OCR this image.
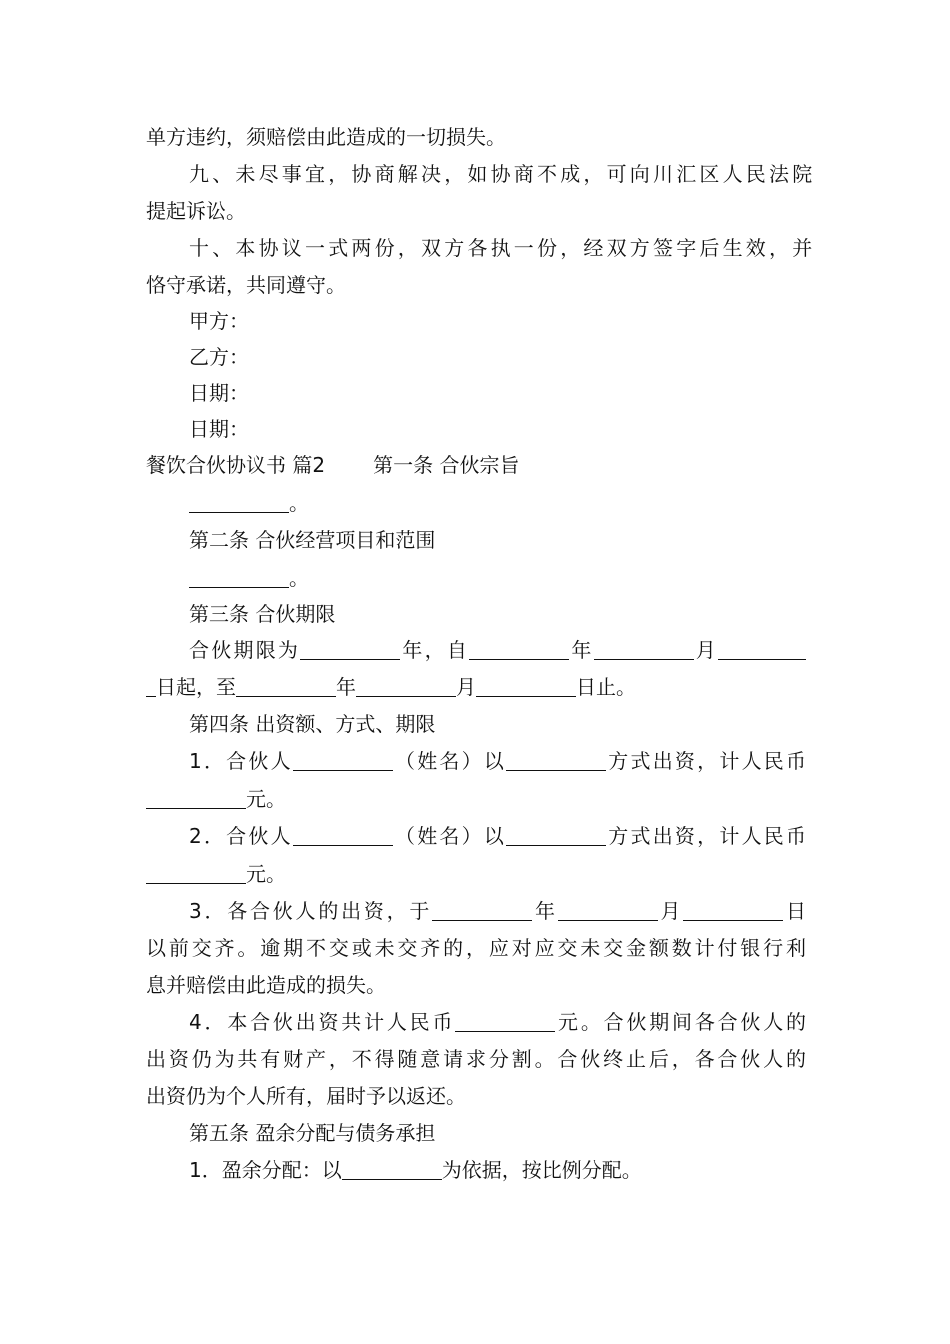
单方违约，须赔偿由此造成的一切损失。
九、未尽事宜，协商解决，如协商不成，可向川汇区人民法院
提起诉讼。
十、本协议一式两份，双方各执一份，经双方签字后生效，并
恪守承诺，共同遵守。
甲方：
乙方：
日期：
日期：
餐饮合伙协议书 篇2 第一条 合伙宗旨
。
第二条 合伙经营项目和范围
。
第三条 合伙期限
合伙期限为	年，自	年	月
日起，至	年	月	日止。
第四条 出资额、方式、期限
1．合伙人	（姓名）以	方式出资，计人民币
元。
2．合伙人	（姓名）以	方式出资，计人民币
元。
3．各合伙人的出资，于	年	月	日
以前交齐。逾期不交或未交齐的，应对应交未交金额数计付银行利
息并赔偿由此造成的损失。
4．本合伙出资共计人民币	元。合伙期间各合伙人的
出资仍为共有财产，不得随意请求分割。合伙终止后，各合伙人的
出资仍为个人所有，届时予以返还。
第五条 盈余分配与债务承担
1．盈余分配：以	为依据，按比例分配。
